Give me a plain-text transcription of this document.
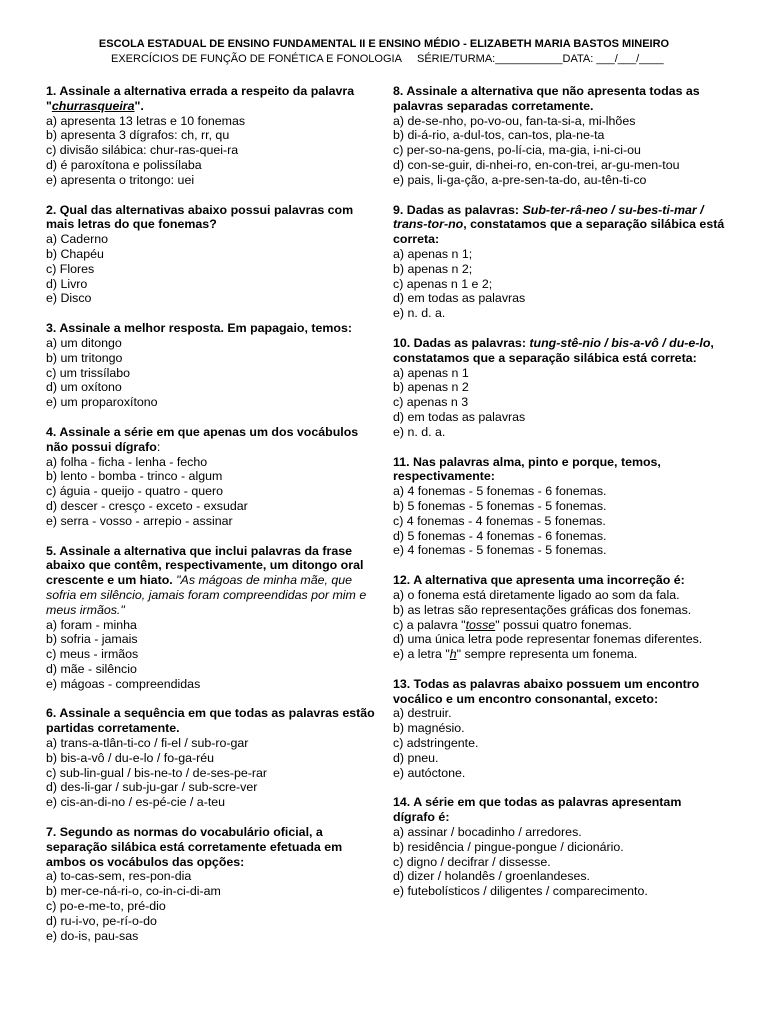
ESCOLA ESTADUAL DE ENSINO FUNDAMENTAL II E ENSINO MÉDIO - ELIZABETH MARIA BASTOS MINEIRO
EXERCÍCIOS DE FUNÇÃO DE FONÉTICA E FONOLOGIA	SÉRIE/TURMA:___________DATA: ___/___/____
1. Assinale a alternativa errada a respeito da palavra "churrasqueira".
a) apresenta 13 letras e 10 fonemas
b) apresenta 3 dígrafos: ch, rr, qu
c) divisão silábica: chur-ras-quei-ra
d) é paroxítona e polissílaba
e) apresenta o tritongo: uei
2. Qual das alternativas abaixo possui palavras com mais letras do que fonemas?
a) Caderno
b) Chapéu
c) Flores
d) Livro
e) Disco
3. Assinale a melhor resposta. Em papagaio, temos:
a) um ditongo
b) um tritongo
c) um trissílabo
d) um oxítono
e) um proparoxítono
4. Assinale a série em que apenas um dos vocábulos não possui dígrafo:
a) folha - ficha - lenha - fecho
b) lento - bomba - trinco - algum
c) águia - queijo - quatro - quero
d) descer - cresço - exceto - exsudar
e) serra - vosso - arrepio - assinar
5. Assinale a alternativa que inclui palavras da frase abaixo que contêm, respectivamente, um ditongo oral crescente e um hiato. "As mágoas de minha mãe, que sofria em silêncio, jamais foram compreendidas por mim e meus irmãos."
a) foram - minha
b) sofria - jamais
c) meus - irmãos
d) mãe - silêncio
e) mágoas - compreendidas
6. Assinale a sequência em que todas as palavras estão partidas corretamente.
a) trans-a-tlân-ti-co / fi-el / sub-ro-gar
b) bis-a-vô / du-e-lo / fo-ga-réu
c) sub-lin-gual / bis-ne-to / de-ses-pe-rar
d) des-li-gar / sub-ju-gar / sub-scre-ver
e) cis-an-di-no / es-pé-cie / a-teu
7. Segundo as normas do vocabulário oficial, a separação silábica está corretamente efetuada em ambos os vocábulos das opções:
a) to-cas-sem, res-pon-dia
b) mer-ce-ná-ri-o, co-in-ci-di-am
c) po-e-me-to, pré-dio
d) ru-i-vo, pe-rí-o-do
e) do-is, pau-sas
8. Assinale a alternativa que não apresenta todas as palavras separadas corretamente.
a) de-se-nho, po-vo-ou, fan-ta-si-a, mi-lhões
b) di-á-rio, a-dul-tos, can-tos, pla-ne-ta
c) per-so-na-gens, po-lí-cia, ma-gia, i-ni-ci-ou
d) con-se-guir, di-nhei-ro, en-con-trei, ar-gu-men-tou
e) pais, li-ga-ção, a-pre-sen-ta-do, au-tên-ti-co
9. Dadas as palavras: Sub-ter-râ-neo / su-bes-ti-mar / trans-tor-no, constatamos que a separação silábica está correta:
a) apenas n 1;
b) apenas n 2;
c) apenas n 1 e 2;
d) em todas as palavras
e) n. d. a.
10. Dadas as palavras: tung-stê-nio / bis-a-vô / du-e-lo, constatamos que a separação silábica está correta:
a) apenas n 1
b) apenas n 2
c) apenas n 3
d) em todas as palavras
e) n. d. a.
11. Nas palavras alma, pinto e porque, temos, respectivamente:
a) 4 fonemas - 5 fonemas - 6 fonemas.
b) 5 fonemas - 5 fonemas - 5 fonemas.
c) 4 fonemas - 4 fonemas - 5 fonemas.
d) 5 fonemas - 4 fonemas - 6 fonemas.
e) 4 fonemas - 5 fonemas - 5 fonemas.
12. A alternativa que apresenta uma incorreção é:
a) o fonema está diretamente ligado ao som da fala.
b) as letras são representações gráficas dos fonemas.
c) a palavra "tosse" possui quatro fonemas.
d) uma única letra pode representar fonemas diferentes.
e) a letra "h" sempre representa um fonema.
13. Todas as palavras abaixo possuem um encontro vocálico e um encontro consonantal, exceto:
a) destruir.
b) magnésio.
c) adstringente.
d) pneu.
e) autóctone.
14. A série em que todas as palavras apresentam dígrafo é:
a) assinar / bocadinho / arredores.
b) residência / pingue-pongue / dicionário.
c) digno / decifrar / dissesse.
d) dizer / holandês / groenlandeses.
e) futebolísticos / diligentes / comparecimento.
